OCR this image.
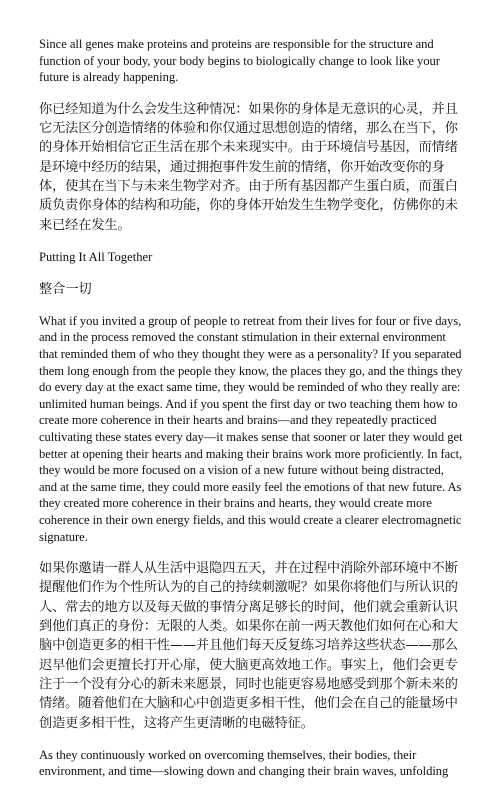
Since all genes make proteins and proteins are responsible for the structure and function of your body, your body begins to biologically change to look like your future is already happening.

你已经知道为什么会发生这种情况：如果你的身体是无意识的心灵，并且它无法区分创造情绪的体验和你仅通过思想创造的情绪，那么在当下，你的身体开始相信它正生活在那个未来现实中。由于环境信号基因，而情绪是环境中经历的结果，通过拥抱事件发生前的情绪，你开始改变你的身体，使其在当下与未来生物学对齐。由于所有基因都产生蛋白质，而蛋白质负责你身体的结构和功能，你的身体开始发生生物学变化，仿佛你的未来已经在发生。

Putting It All Together

整合一切

What if you invited a group of people to retreat from their lives for four or five days, and in the process removed the constant stimulation in their external environment that reminded them of who they thought they were as a personality? If you separated them long enough from the people they know, the places they go, and the things they do every day at the exact same time, they would be reminded of who they really are: unlimited human beings. And if you spent the first day or two teaching them how to create more coherence in their hearts and brains—and they repeatedly practiced cultivating these states every day—it makes sense that sooner or later they would get better at opening their hearts and making their brains work more proficiently. In fact, they would be more focused on a vision of a new future without being distracted, and at the same time, they could more easily feel the emotions of that new future. As they created more coherence in their brains and hearts, they would create more coherence in their own energy fields, and this would create a clearer electromagnetic signature.

如果你邀请一群人从生活中退隐四五天，并在过程中消除外部环境中不断提醒他们作为个性所认为的自己的持续刺激呢？如果你将他们与所认识的人、常去的地方以及每天做的事情分离足够长的时间，他们就会重新认识到他们真正的身份：无限的人类。如果你在前一两天教他们如何在心和大脑中创造更多的相干性——并且他们每天反复练习培养这些状态——那么迟早他们会更擅长打开心扉，使大脑更高效地工作。事实上，他们会更专注于一个没有分心的新未来愿景，同时也能更容易地感受到那个新未来的情绪。随着他们在大脑和心中创造更多相干性，他们会在自己的能量场中创造更多相干性，这将产生更清晰的电磁特征。

As they continuously worked on overcoming themselves, their bodies, their environment, and time—slowing down and changing their brain waves, unfolding
